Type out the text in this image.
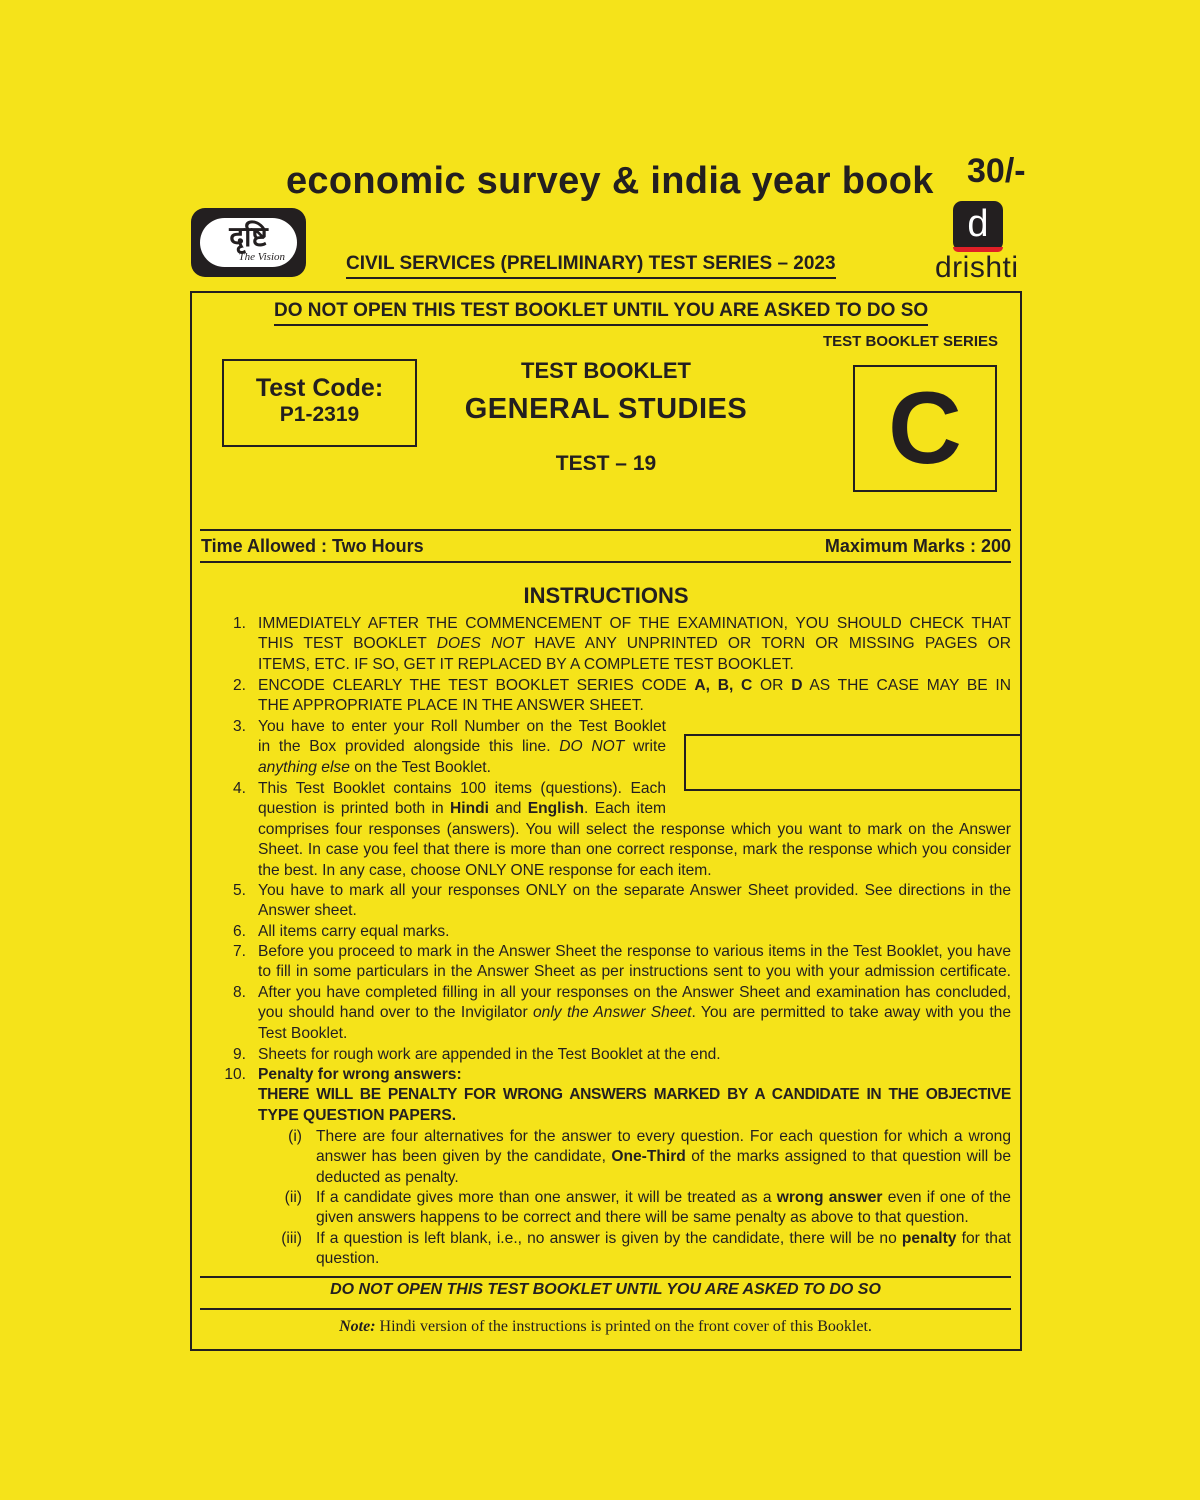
economic survey & india year book 30/-
दृष्टि
The Vision	CIVIL SERVICES (PRELIMINARY) TEST SERIES – 2023
d
drishti
DO NOT OPEN THIS TEST BOOKLET UNTIL YOU ARE ASKED TO DO SO
TEST BOOKLET SERIES
Test Code:
P1-2319
TEST BOOKLET
GENERAL STUDIES
TEST – 19	C
Time Allowed : Two Hours	Maximum Marks : 200
INSTRUCTIONS
1. IMMEDIATELY AFTER THE COMMENCEMENT OF THE EXAMINATION, YOU SHOULD CHECK THAT
THIS TEST BOOKLET DOES NOT HAVE ANY UNPRINTED OR TORN OR MISSING PAGES OR
ITEMS, ETC. IF SO, GET IT REPLACED BY A COMPLETE TEST BOOKLET.
2. ENCODE CLEARLY THE TEST BOOKLET SERIES CODE A, B, C OR D AS THE CASE MAY BE IN
THE APPROPRIATE PLACE IN THE ANSWER SHEET.
3. You have to enter your Roll Number on the Test Booklet
in the Box provided alongside this line. DO NOT write
anything else on the Test Booklet.
4. This Test Booklet contains 100 items (questions). Each
question is printed both in Hindi and English. Each item
comprises four responses (answers). You will select the response which you want to mark on the Answer
Sheet. In case you feel that there is more than one correct response, mark the response which you consider
the best. In any case, choose ONLY ONE response for each item.
5. You have to mark all your responses ONLY on the separate Answer Sheet provided. See directions in the
Answer sheet.
6. All items carry equal marks.
7. Before you proceed to mark in the Answer Sheet the response to various items in the Test Booklet, you have
to fill in some particulars in the Answer Sheet as per instructions sent to you with your admission certificate.
8. After you have completed filling in all your responses on the Answer Sheet and examination has concluded,
you should hand over to the Invigilator only the Answer Sheet. You are permitted to take away with you the
Test Booklet.
9. Sheets for rough work are appended in the Test Booklet at the end.
10. Penalty for wrong answers:
THERE WILL BE PENALTY FOR WRONG ANSWERS MARKED BY A CANDIDATE IN THE OBJECTIVE
TYPE QUESTION PAPERS.
(i) There are four alternatives for the answer to every question. For each question for which a wrong
answer has been given by the candidate, One-Third of the marks assigned to that question will be
deducted as penalty.
(ii) If a candidate gives more than one answer, it will be treated as a wrong answer even if one of the
given answers happens to be correct and there will be same penalty as above to that question.
(iii) If a question is left blank, i.e., no answer is given by the candidate, there will be no penalty for that
question.
DO NOT OPEN THIS TEST BOOKLET UNTIL YOU ARE ASKED TO DO SO
Note: Hindi version of the instructions is printed on the front cover of this Booklet.
